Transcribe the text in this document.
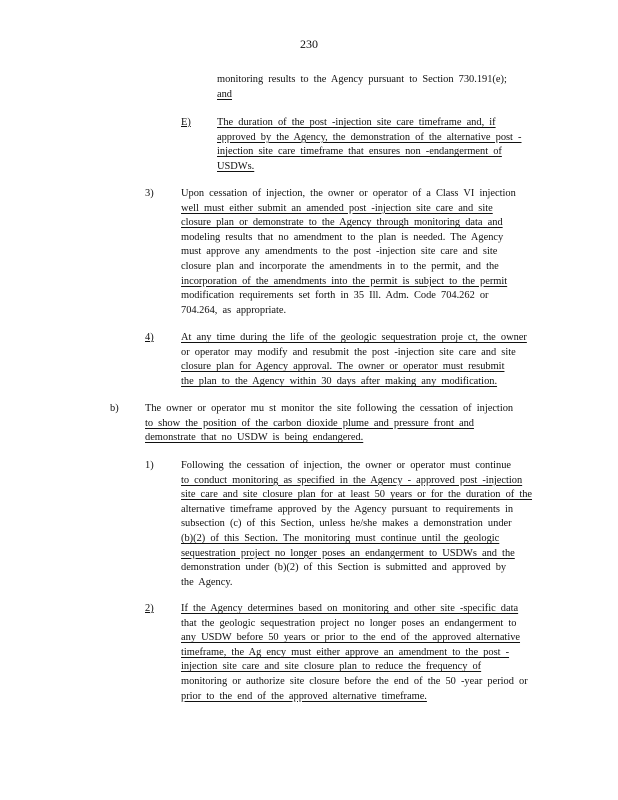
230
monitoring results to the Agency pursuant to Section 730.191(e);
and
E)	The duration of the post -injection site care timeframe and, if
approved by the Agency, the demonstration of the alternative post -
injection site care timeframe that ensures non -endangerment of
USDWs.
3)	Upon cessation of injection, the owner or operator of a Class VI injection
well must either submit an amended post -injection site care and site
closure plan or demonstrate to the Agency through monitoring data and
modeling results that no amendment to the plan is needed. The Agency
must approve any amendments to the post -injection site care and site
closure plan and incorporate the amendments in to the permit, and the
incorporation of the amendments into the permit is subject to the permit
modification requirements set forth in 35 Ill. Adm. Code 704.262 or
704.264, as appropriate.
4)	At any time during the life of the geologic sequestration proje ct, the owner
or operator may modify and resubmit the post -injection site care and site
closure plan for Agency approval. The owner or operator must resubmit
the plan to the Agency within 30 days after making any modification.
b)	The owner or operator mu st monitor the site following the cessation of injection
to show the position of the carbon dioxide plume and pressure front and
demonstrate that no USDW is being endangered.
1)	Following the cessation of injection, the owner or operator must continue
to conduct monitoring as specified in the Agency - approved post -injection
site care and site closure plan for at least 50 years or for the duration of the
alternative timeframe approved by the Agency pursuant to requirements in
subsection (c) of this Section, unless he/she makes a demonstration under
(b)(2) of this Section. The monitoring must continue until the geologic
sequestration project no longer poses an endangerment to USDWs and the
demonstration under (b)(2) of this Section is submitted and approved by
the Agency.
2)	If the Agency determines based on monitoring and other site -specific data
that the geologic sequestration project no longer poses an endangerment to
any USDW before 50 years or prior to the end of the approved alternative
timeframe, the Ag ency must either approve an amendment to the post -
injection site care and site closure plan to reduce the frequency of
monitoring or authorize site closure before the end of the 50 -year period or
prior to the end of the approved alternative timeframe.
